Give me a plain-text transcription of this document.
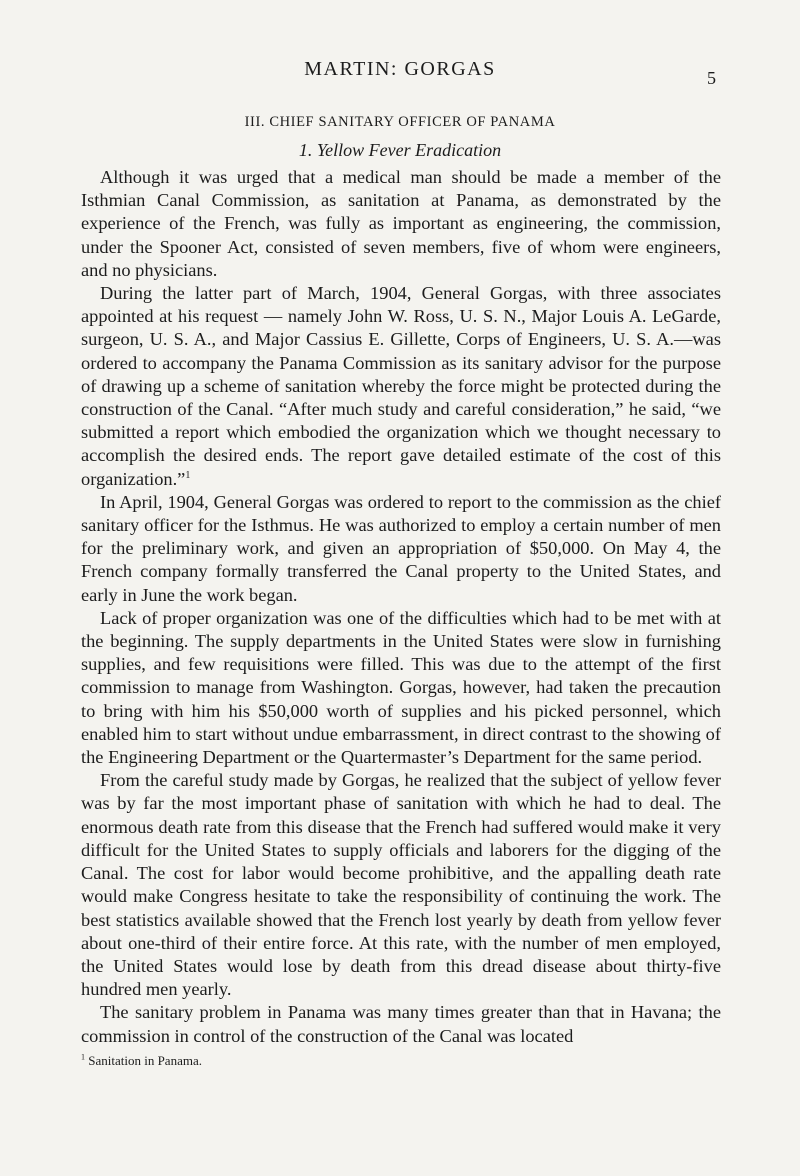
MARTIN: GORGAS	5
III. CHIEF SANITARY OFFICER OF PANAMA
1. Yellow Fever Eradication

Although it was urged that a medical man should be made a member of the Isthmian Canal Commission, as sanitation at Panama, as demonstrated by the experience of the French, was fully as important as engineering, the commission, under the Spooner Act, consisted of seven members, five of whom were engineers, and no physicians.

During the latter part of March, 1904, General Gorgas, with three associates appointed at his request — namely John W. Ross, U. S. N., Major Louis A. LeGarde, surgeon, U. S. A., and Major Cassius E. Gillette, Corps of Engineers, U. S. A.—was ordered to accompany the Panama Commission as its sanitary advisor for the purpose of drawing up a scheme of sanitation whereby the force might be protected during the construction of the Canal. “After much study and careful consideration,” he said, “we submitted a report which embodied the organization which we thought necessary to accomplish the desired ends. The report gave detailed estimate of the cost of this organization.”$^1$

In April, 1904, General Gorgas was ordered to report to the commission as the chief sanitary officer for the Isthmus. He was authorized to employ a certain number of men for the preliminary work, and given an appropriation of $50,000. On May 4, the French company formally transferred the Canal property to the United States, and early in June the work began.

Lack of proper organization was one of the difficulties which had to be met with at the beginning. The supply departments in the United States were slow in furnishing supplies, and few requisitions were filled. This was due to the attempt of the first commission to manage from Washington. Gorgas, however, had taken the precaution to bring with him his $50,000 worth of supplies and his picked personnel, which enabled him to start without undue embarrassment, in direct contrast to the showing of the Engineering Department or the Quartermaster’s Department for the same period.

From the careful study made by Gorgas, he realized that the subject of yellow fever was by far the most important phase of sanitation with which he had to deal. The enormous death rate from this disease that the French had suffered would make it very difficult for the United States to supply officials and laborers for the digging of the Canal. The cost for labor would become prohibitive, and the appalling death rate would make Congress hesitate to take the responsibility of continuing the work. The best statistics available showed that the French lost yearly by death from yellow fever about one-third of their entire force. At this rate, with the number of men employed, the United States would lose by death from this dread disease about thirty-five hundred men yearly.

The sanitary problem in Panama was many times greater than that in Havana; the commission in control of the construction of the Canal was located

$^1$ Sanitation in Panama.
